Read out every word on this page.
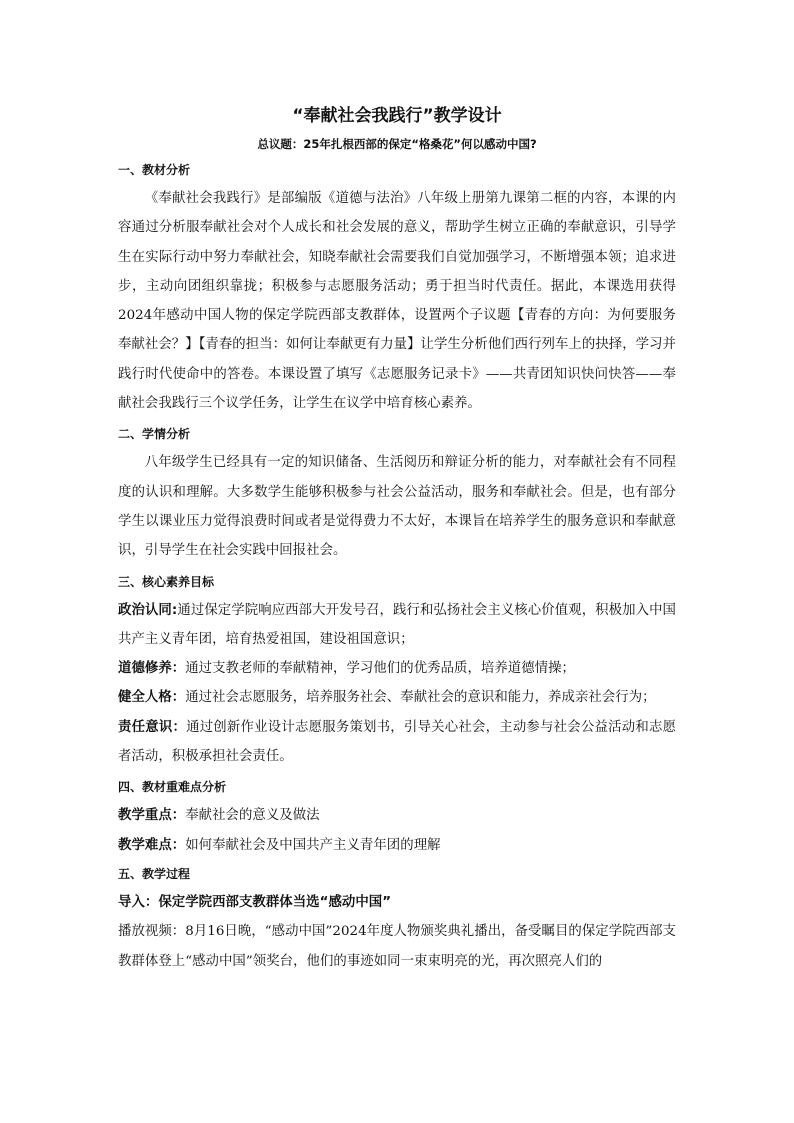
“奉献社会我践行”教学设计
总议题：25年扎根西部的保定“格桑花”何以感动中国?
一、教材分析

《奉献社会我践行》是部编版《道德与法治》八年级上册第九课第二框的内容，本课的内容通过分析服奉献社会对个人成长和社会发展的意义，帮助学生树立正确的奉献意识，引导学生在实际行动中努力奉献社会，知晓奉献社会需要我们自觉加强学习，不断增强本领；追求进步，主动向团组织靠拢；积极参与志愿服务活动；勇于担当时代责任。据此，本课选用获得2024年感动中国人物的保定学院西部支教群体，设置两个子议题【青春的方向：为何要服务奉献社会？】【青春的担当：如何让奉献更有力量】让学生分析他们西行列车上的抉择，学习并践行时代使命中的答卷。本课设置了填写《志愿服务记录卡》——共青团知识快问快答——奉献社会我践行三个议学任务，让学生在议学中培育核心素养。

二、学情分析

八年级学生已经具有一定的知识储备、生活阅历和辩证分析的能力，对奉献社会有不同程度的认识和理解。大多数学生能够积极参与社会公益活动，服务和奉献社会。但是，也有部分学生以课业压力觉得浪费时间或者是觉得费力不太好，本课旨在培养学生的服务意识和奉献意识，引导学生在社会实践中回报社会。

三、核心素养目标

政治认同:通过保定学院响应西部大开发号召，践行和弘扬社会主义核心价值观，积极加入中国共产主义青年团，培育热爱祖国，建设祖国意识；

道德修养：通过支教老师的奉献精神，学习他们的优秀品质，培养道德情操；

健全人格：通过社会志愿服务，培养服务社会、奉献社会的意识和能力，养成亲社会行为；

责任意识：通过创新作业设计志愿服务策划书，引导关心社会，主动参与社会公益活动和志愿者活动，积极承担社会责任。

四、教材重难点分析

教学重点：奉献社会的意义及做法

教学难点：如何奉献社会及中国共产主义青年团的理解

五、教学过程

导入：保定学院西部支教群体当选“感动中国”

播放视频：8月16日晚，“感动中国”2024年度人物颁奖典礼播出，备受瞩目的保定学院西部支教群体登上“感动中国”领奖台，他们的事迹如同一束束明亮的光，再次照亮人们的
